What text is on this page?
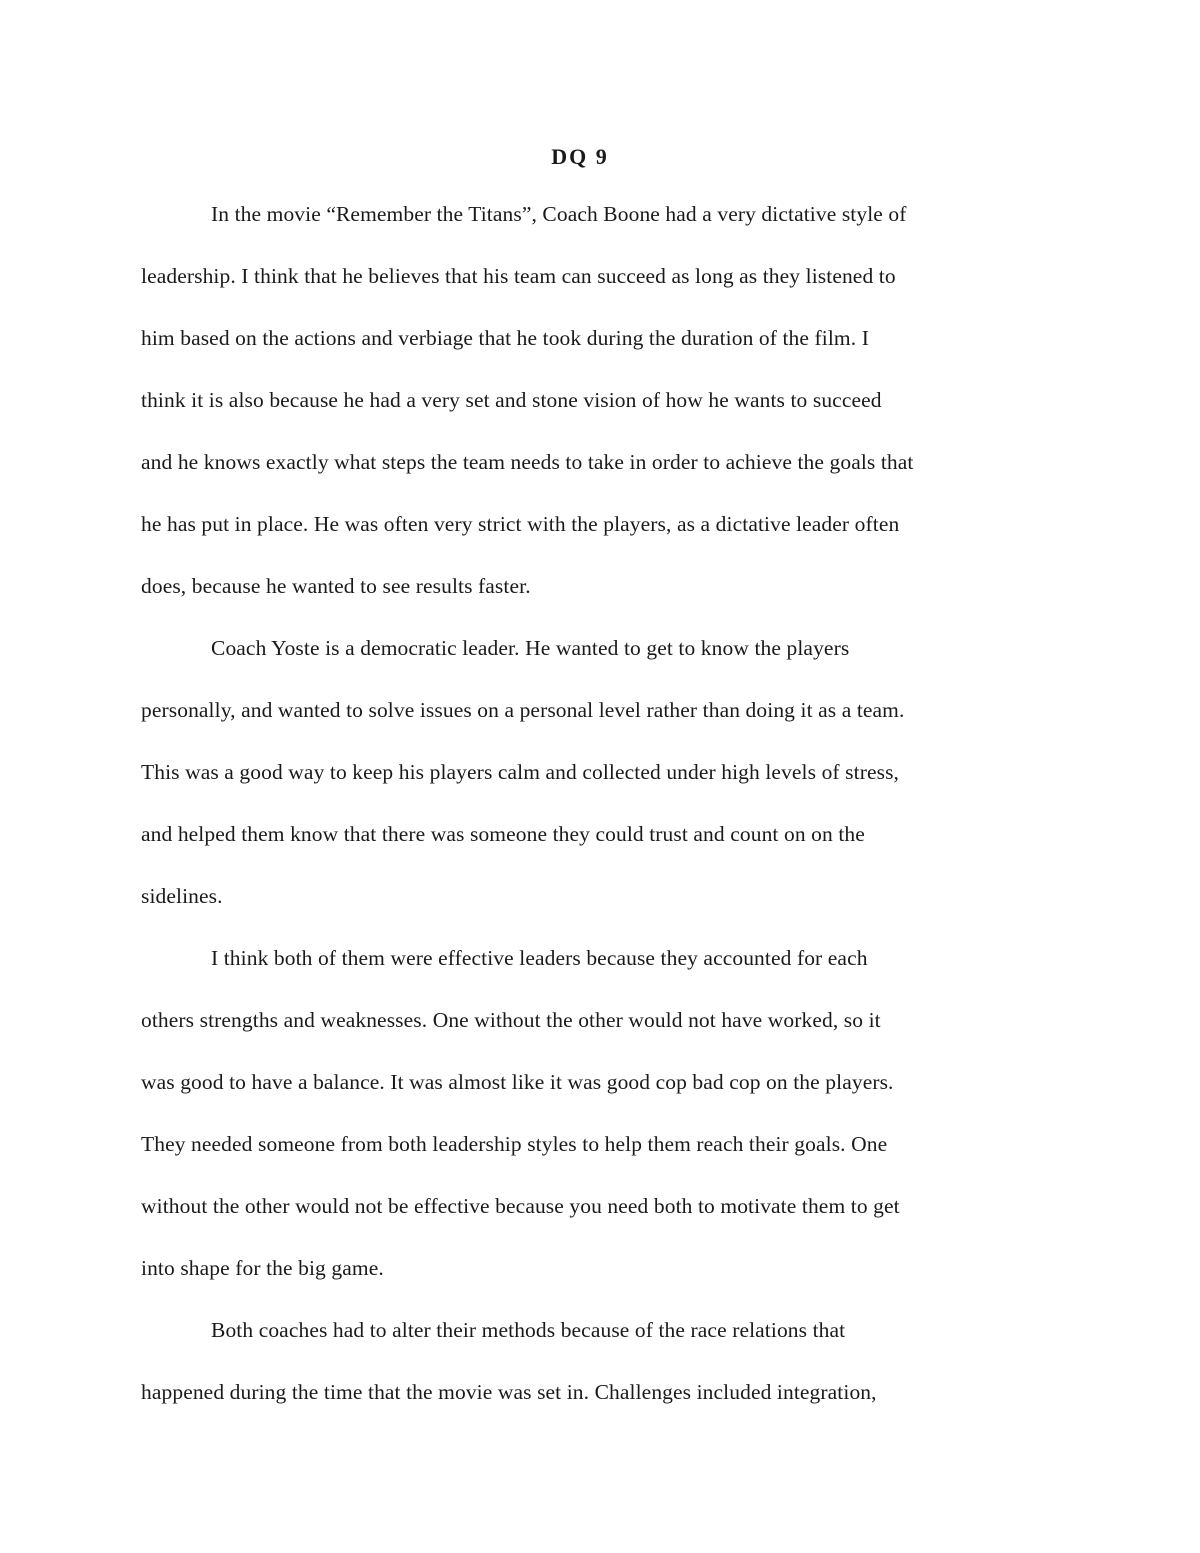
DQ 9
In the movie “Remember the Titans”, Coach Boone had a very dictative style of
leadership. I think that he believes that his team can succeed as long as they listened to
him based on the actions and verbiage that he took during the duration of the film. I
think it is also because he had a very set and stone vision of how he wants to succeed
and he knows exactly what steps the team needs to take in order to achieve the goals that
he has put in place. He was often very strict with the players, as a dictative leader often
does, because he wanted to see results faster.
Coach Yoste is a democratic leader. He wanted to get to know the players
personally, and wanted to solve issues on a personal level rather than doing it as a team.
This was a good way to keep his players calm and collected under high levels of stress,
and helped them know that there was someone they could trust and count on on the
sidelines.
I think both of them were effective leaders because they accounted for each
others strengths and weaknesses. One without the other would not have worked, so it
was good to have a balance. It was almost like it was good cop bad cop on the players.
They needed someone from both leadership styles to help them reach their goals. One
without the other would not be effective because you need both to motivate them to get
into shape for the big game.
Both coaches had to alter their methods because of the race relations that
happened during the time that the movie was set in. Challenges included integration,
